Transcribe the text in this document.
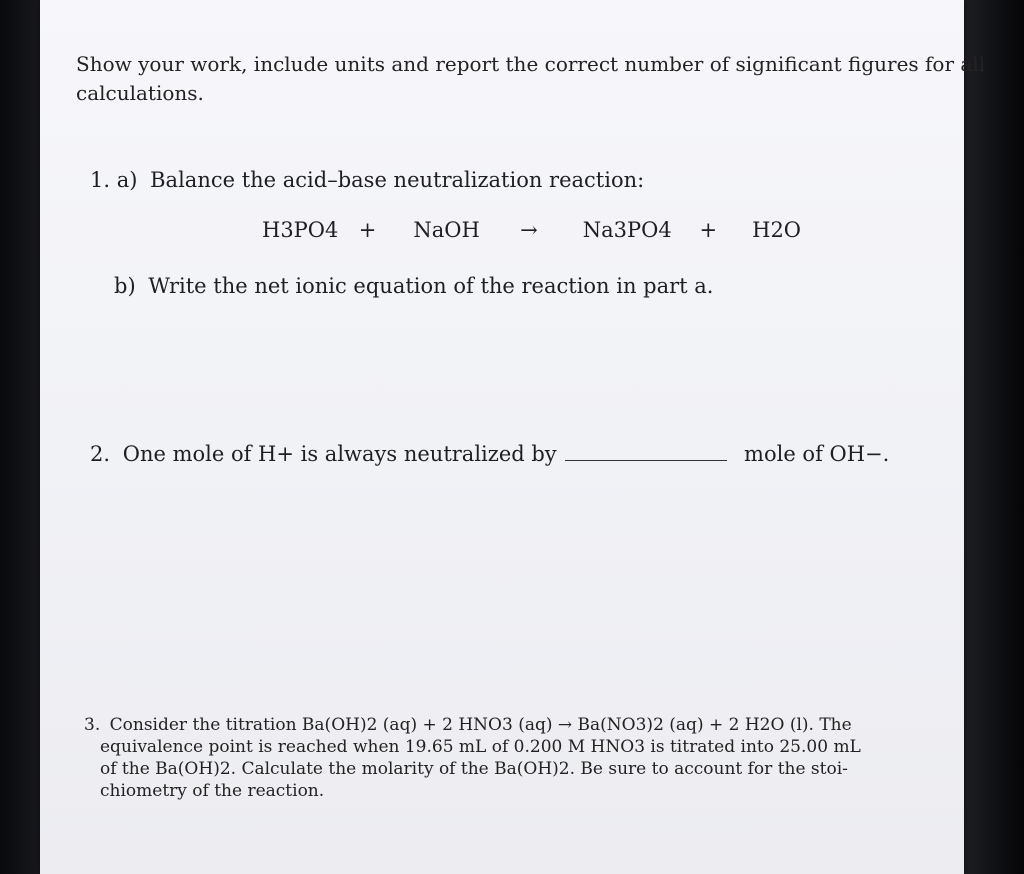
Show your work, include units and report the correct number of significant figures for all
calculations.
1. a) Balance the acid–base neutralization reaction:
H3PO4 + NaOH → Na3PO4 + H2O
b) Write the net ionic equation of the reaction in part a.
2. One mole of H+ is always neutralized by	mole of OH−.
3. Consider the titration Ba(OH)2 (aq) + 2 HNO3 (aq) → Ba(NO3)2 (aq) + 2 H2O (l). The
equivalence point is reached when 19.65 mL of 0.200 M HNO3 is titrated into 25.00 mL
of the Ba(OH)2. Calculate the molarity of the Ba(OH)2. Be sure to account for the stoi-
chiometry of the reaction.
